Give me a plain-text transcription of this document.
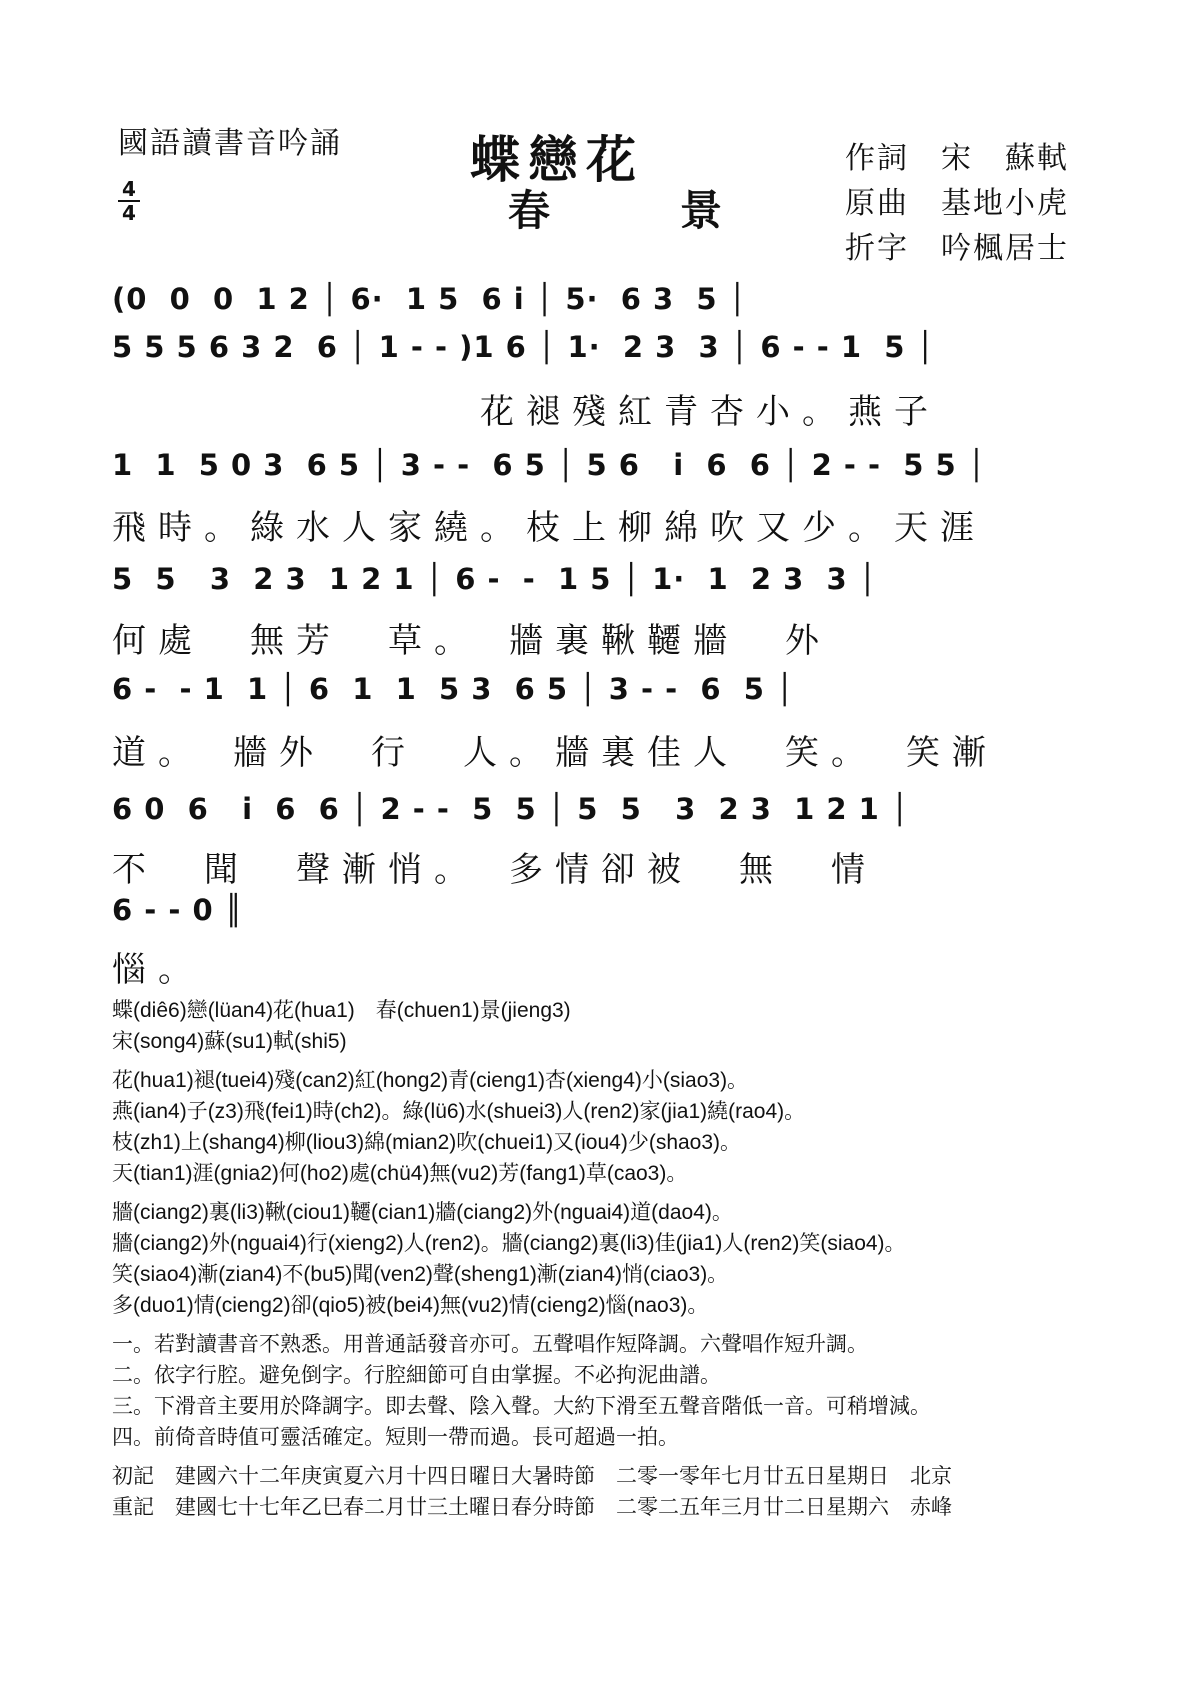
國語讀書音吟誦
4
4
蝶戀花
春　景
作詞　 宋　蘇軾
原曲　 基地小虎
折字　 吟楓居士
(0  0  0  1 2 │ 6·  1 5  6 i │ 5·  6 3  5 │
5 5 5 6 3 2  6 │ 1 - - )1 6 │ 1·  2 3  3 │ 6 - - 1  5 │
　　　　　　　　花褪殘紅青杏小。燕子
1  1  5 0 3  6 5 │ 3 - -  6 5 │ 5 6   i  6  6 │ 2 - -  5 5 │
飛時。綠水人家繞。枝上柳綿吹又少。天涯
5  5   3  2 3  1 2 1 │ 6 -  -  1 5 │ 1·  1  2 3  3 │
何處　無芳　草。　牆裏鞦韆牆　外
6 -  - 1  1 │ 6  1  1  5 3  6 5 │ 3 - -  6  5 │
道。　牆外　行　人。牆裏佳人　笑。　笑漸
6 0  6   i  6  6 │ 2 - -  5  5 │ 5  5   3  2 3  1 2 1 │
不　聞　聲漸悄。　多情卻被　無　情
6 - - 0 ║
惱。
蝶(diê6)戀(lüan4)花(hua1)　春(chuen1)景(jieng3)
宋(song4)蘇(su1)軾(shi5)
花(hua1)褪(tuei4)殘(can2)紅(hong2)青(cieng1)杏(xieng4)小(siao3)。
燕(ian4)子(z3)飛(fei1)時(ch2)。綠(lü6)水(shuei3)人(ren2)家(jia1)繞(rao4)。
枝(zh1)上(shang4)柳(liou3)綿(mian2)吹(chuei1)又(iou4)少(shao3)。
天(tian1)涯(gnia2)何(ho2)處(chü4)無(vu2)芳(fang1)草(cao3)。
牆(ciang2)裏(li3)鞦(ciou1)韆(cian1)牆(ciang2)外(nguai4)道(dao4)。
牆(ciang2)外(nguai4)行(xieng2)人(ren2)。牆(ciang2)裏(li3)佳(jia1)人(ren2)笑(siao4)。
笑(siao4)漸(zian4)不(bu5)聞(ven2)聲(sheng1)漸(zian4)悄(ciao3)。
多(duo1)情(cieng2)卻(qio5)被(bei4)無(vu2)情(cieng2)惱(nao3)。
一。若對讀書音不熟悉。用普通話發音亦可。五聲唱作短降調。六聲唱作短升調。
二。依字行腔。避免倒字。行腔細節可自由掌握。不必拘泥曲譜。
三。下滑音主要用於降調字。即去聲、陰入聲。大約下滑至五聲音階低一音。可稍增減。
四。前倚音時值可靈活確定。短則一帶而過。長可超過一拍。
初記　建國六十二年庚寅夏六月十四日曜日大暑時節　二零一零年七月廿五日星期日　北京
重記　建國七十七年乙巳春二月廿三土曜日春分時節　二零二五年三月廿二日星期六　赤峰
